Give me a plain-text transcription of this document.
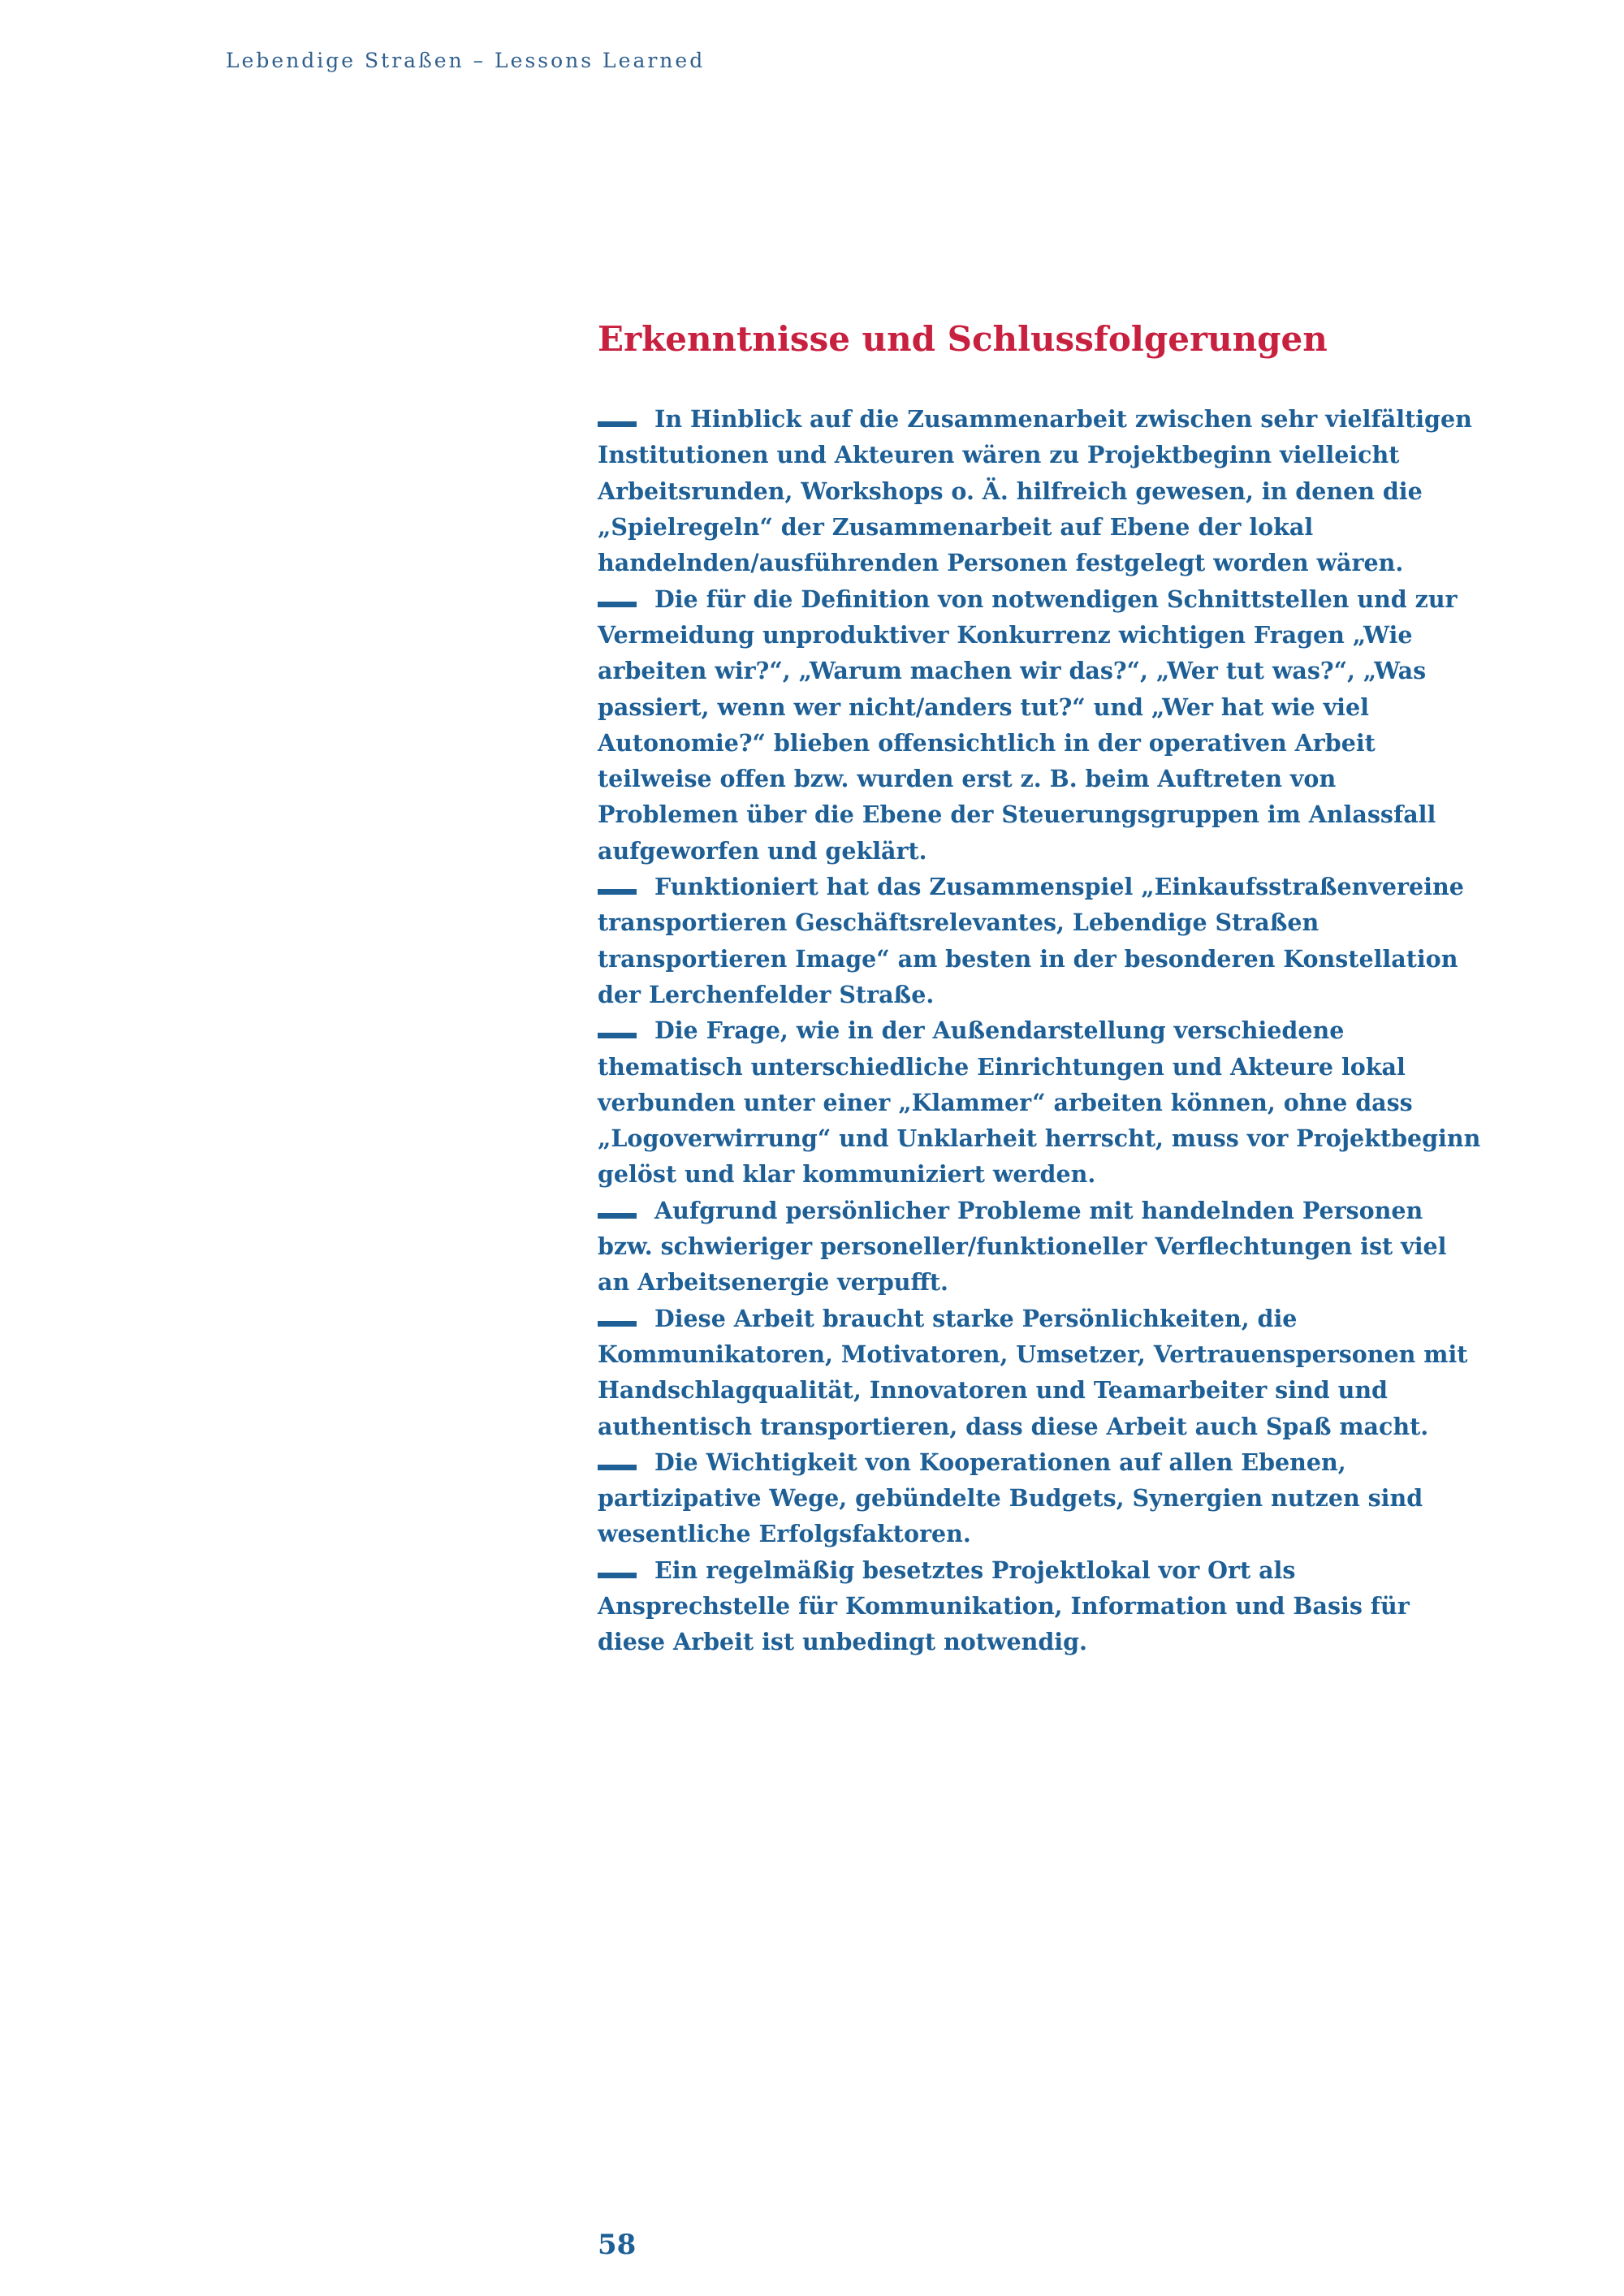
Lebendige Straßen – Lessons Learned
Erkenntnisse und Schlussfolgerungen
In Hinblick auf die Zusammenarbeit zwischen sehr vielfältigen Institutionen und Akteuren wären zu Projektbeginn vielleicht Arbeitsrunden, Workshops o. Ä. hilfreich gewesen, in denen die „Spielregeln“ der Zusammenarbeit auf Ebene der lokal handelnden/ausführenden Personen festgelegt worden wären.
Die für die Definition von notwendigen Schnittstellen und zur Vermeidung unproduktiver Konkurrenz wichtigen Fragen „Wie arbeiten wir?“, „Warum machen wir das?“, „Wer tut was?“, „Was passiert, wenn wer nicht/anders tut?“ und „Wer hat wie viel Autonomie?“ blieben offensichtlich in der operativen Arbeit teilweise offen bzw. wurden erst z. B. beim Auftreten von Problemen über die Ebene der Steuerungsgruppen im Anlassfall aufgeworfen und geklärt.
Funktioniert hat das Zusammenspiel „Einkaufsstraßenvereine transportieren Geschäftsrelevantes, Lebendige Straßen transportieren Image“ am besten in der besonderen Konstellation der Lerchenfelder Straße.
Die Frage, wie in der Außendarstellung verschiedene thematisch unterschiedliche Einrichtungen und Akteure lokal verbunden unter einer „Klammer“ arbeiten können, ohne dass „Logoverwirrung“ und Unklarheit herrscht, muss vor Projektbeginn gelöst und klar kommuniziert werden.
Aufgrund persönlicher Probleme mit handelnden Personen bzw. schwieriger personeller/funktioneller Verflechtungen ist viel an Arbeitsenergie verpufft.
Diese Arbeit braucht starke Persönlichkeiten, die Kommunikatoren, Motivatoren, Umsetzer, Vertrauenspersonen mit Handschlagqualität, Innovatoren und Teamarbeiter sind und authentisch transportieren, dass diese Arbeit auch Spaß macht.
Die Wichtigkeit von Kooperationen auf allen Ebenen, partizipative Wege, gebündelte Budgets, Synergien nutzen sind wesentliche Erfolgsfaktoren.
Ein regelmäßig besetztes Projektlokal vor Ort als Ansprechstelle für Kommunikation, Information und Basis für diese Arbeit ist unbedingt notwendig.
58
